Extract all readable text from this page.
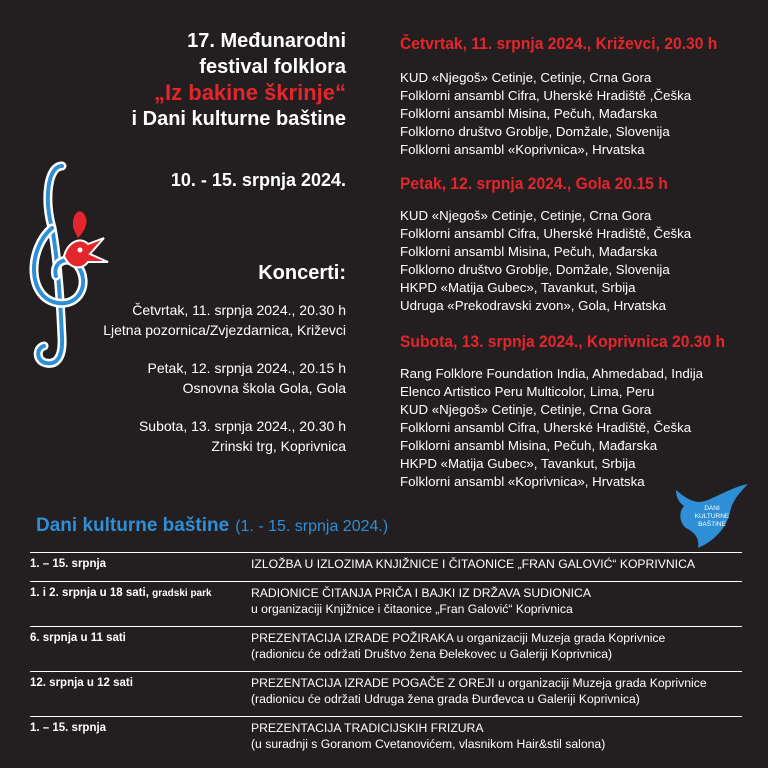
17. Međunarodni
festival folklora
„Iz bakine škrinje“
i Dani kulturne baštine
10. - 15. srpnja 2024.
Koncerti:
Četvrtak, 11. srpnja 2024., 20.30 h
Ljetna pozornica/Zvjezdarnica, Križevci
Petak, 12. srpnja 2024., 20.15 h
Osnovna škola Gola, Gola
Subota, 13. srpnja 2024., 20.30 h
Zrinski trg, Koprivnica
Četvrtak, 11. srpnja 2024., Križevci, 20.30 h
KUD «Njegoš» Cetinje, Cetinje, Crna Gora
Folklorni ansambl Cifra, Uherské Hradiště ,Češka
Folklorni ansambl Misina, Pečuh, Mađarska
Folklorno društvo Groblje, Domžale, Slovenija
Folklorni ansambl «Koprivnica», Hrvatska
Petak, 12. srpnja 2024., Gola 20.15 h
KUD «Njegoš» Cetinje, Cetinje, Crna Gora
Folklorni ansambl Cifra, Uherské Hradiště, Češka
Folklorni ansambl Misina, Pečuh, Mađarska
Folklorno društvo Groblje, Domžale, Slovenija
HKPD «Matija Gubec», Tavankut, Srbija
Udruga «Prekodravski zvon», Gola, Hrvatska
Subota, 13. srpnja 2024., Koprivnica 20.30 h
Rang Folklore Foundation India, Ahmedabad, Indija
Elenco Artistico Peru Multicolor, Lima, Peru
KUD «Njegoš» Cetinje, Cetinje, Crna Gora
Folklorni ansambl Cifra, Uherské Hradiště, Češka
Folklorni ansambl Misina, Pečuh, Mađarska
HKPD «Matija Gubec», Tavankut, Srbija
Folklorni ansambl «Koprivnica», Hrvatska
DANI
KULTURNE
BAŠTINE
Dani kulturne baštine (1. - 15. srpnja 2024.)
1. – 15. srpnja	IZLOŽBA U IZLOZIMA KNJIŽNICE I ČITAONICE „FRAN GALOVIĆ“ KOPRIVNICA
1. i 2. srpnja u 18 sati, gradski park	RADIONICE ČITANJA PRIČA I BAJKI IZ DRŽAVA SUDIONICA
u organizaciji Knjižnice i čitaonice „Fran Galović“ Koprivnica
6. srpnja u 11 sati	PREZENTACIJA IZRADE POŽIRAKA u organizaciji Muzeja grada Koprivnice
(radionicu će održati Društvo žena Đelekovec u Galeriji Koprivnica)
12. srpnja u 12 sati	PREZENTACIJA IZRADE POGAČE Z OREJI u organizaciji Muzeja grada Koprivnice
(radionicu će održati Udruga žena grada Đurđevca u Galeriji Koprivnica)
1. – 15. srpnja	PREZENTACIJA TRADICIJSKIH FRIZURA
(u suradnji s Goranom Cvetanovićem, vlasnikom Hair&stil salona)
